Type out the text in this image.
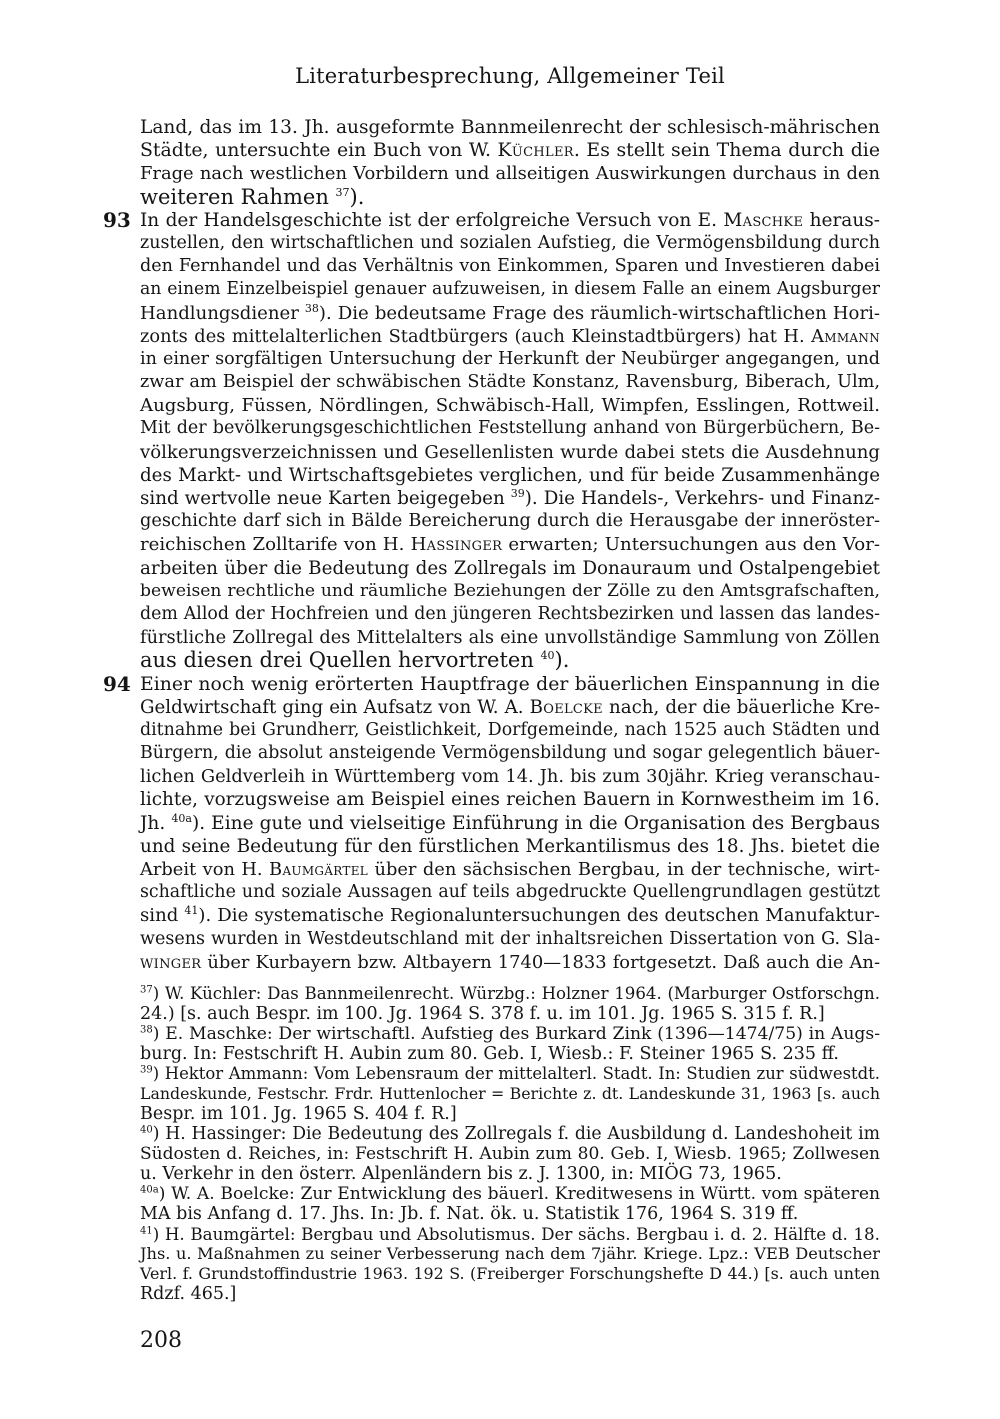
Literaturbesprechung, Allgemeiner Teil
Land, das im 13. Jh. ausgeformte Bannmeilenrecht der schlesisch-mährischen
Städte, untersuchte ein Buch von W. Küchler. Es stellt sein Thema durch die
Frage nach westlichen Vorbildern und allseitigen Auswirkungen durchaus in den
weiteren Rahmen $^{37}$).
93 In der Handelsgeschichte ist der erfolgreiche Versuch von E. Maschke heraus-
zustellen, den wirtschaftlichen und sozialen Aufstieg, die Vermögensbildung durch
den Fernhandel und das Verhältnis von Einkommen, Sparen und Investieren dabei
an einem Einzelbeispiel genauer aufzuweisen, in diesem Falle an einem Augsburger
Handlungsdiener $^{38}$). Die bedeutsame Frage des räumlich-wirtschaftlichen Hori-
zonts des mittelalterlichen Stadtbürgers (auch Kleinstadtbürgers) hat H. Ammann
in einer sorgfältigen Untersuchung der Herkunft der Neubürger angegangen, und
zwar am Beispiel der schwäbischen Städte Konstanz, Ravensburg, Biberach, Ulm,
Augsburg, Füssen, Nördlingen, Schwäbisch-Hall, Wimpfen, Esslingen, Rottweil.
Mit der bevölkerungsgeschichtlichen Feststellung anhand von Bürgerbüchern, Be-
völkerungsverzeichnissen und Gesellenlisten wurde dabei stets die Ausdehnung
des Markt- und Wirtschaftsgebietes verglichen, und für beide Zusammenhänge
sind wertvolle neue Karten beigegeben $^{39}$). Die Handels-, Verkehrs- und Finanz-
geschichte darf sich in Bälde Bereicherung durch die Herausgabe der inneröster-
reichischen Zolltarife von H. Hassinger erwarten; Untersuchungen aus den Vor-
arbeiten über die Bedeutung des Zollregals im Donauraum und Ostalpengebiet
beweisen rechtliche und räumliche Beziehungen der Zölle zu den Amtsgrafschaften,
dem Allod der Hochfreien und den jüngeren Rechtsbezirken und lassen das landes-
fürstliche Zollregal des Mittelalters als eine unvollständige Sammlung von Zöllen
aus diesen drei Quellen hervortreten $^{40}$).
94 Einer noch wenig erörterten Hauptfrage der bäuerlichen Einspannung in die
Geldwirtschaft ging ein Aufsatz von W. A. Boelcke nach, der die bäuerliche Kre-
ditnahme bei Grundherr, Geistlichkeit, Dorfgemeinde, nach 1525 auch Städten und
Bürgern, die absolut ansteigende Vermögensbildung und sogar gelegentlich bäuer-
lichen Geldverleih in Württemberg vom 14. Jh. bis zum 30jähr. Krieg veranschau-
lichte, vorzugsweise am Beispiel eines reichen Bauern in Kornwestheim im 16.
Jh. $^{40a}$). Eine gute und vielseitige Einführung in die Organisation des Bergbaus
und seine Bedeutung für den fürstlichen Merkantilismus des 18. Jhs. bietet die
Arbeit von H. Baumgärtel über den sächsischen Bergbau, in der technische, wirt-
schaftliche und soziale Aussagen auf teils abgedruckte Quellengrundlagen gestützt
sind $^{41}$). Die systematische Regionaluntersuchungen des deutschen Manufaktur-
wesens wurden in Westdeutschland mit der inhaltsreichen Dissertation von G. Sla-
winger über Kurbayern bzw. Altbayern 1740—1833 fortgesetzt. Daß auch die An-
$^{37}$) W. Küchler: Das Bannmeilenrecht. Würzbg.: Holzner 1964. (Marburger Ostforschgn.
24.) [s. auch Bespr. im 100. Jg. 1964 S. 378 f. u. im 101. Jg. 1965 S. 315 f. R.]
$^{38}$) E. Maschke: Der wirtschaftl. Aufstieg des Burkard Zink (1396—1474/75) in Augs-
burg. In: Festschrift H. Aubin zum 80. Geb. I, Wiesb.: F. Steiner 1965 S. 235 ff.
$^{39}$) Hektor Ammann: Vom Lebensraum der mittelalterl. Stadt. In: Studien zur südwestdt.
Landeskunde, Festschr. Frdr. Huttenlocher = Berichte z. dt. Landeskunde 31, 1963 [s. auch
Bespr. im 101. Jg. 1965 S. 404 f. R.]
$^{40}$) H. Hassinger: Die Bedeutung des Zollregals f. die Ausbildung d. Landeshoheit im
Südosten d. Reiches, in: Festschrift H. Aubin zum 80. Geb. I, Wiesb. 1965; Zollwesen
u. Verkehr in den österr. Alpenländern bis z. J. 1300, in: MIÖG 73, 1965.
$^{40a}$) W. A. Boelcke: Zur Entwicklung des bäuerl. Kreditwesens in Württ. vom späteren
MA bis Anfang d. 17. Jhs. In: Jb. f. Nat. ök. u. Statistik 176, 1964 S. 319 ff.
$^{41}$) H. Baumgärtel: Bergbau und Absolutismus. Der sächs. Bergbau i. d. 2. Hälfte d. 18.
Jhs. u. Maßnahmen zu seiner Verbesserung nach dem 7jähr. Kriege. Lpz.: VEB Deutscher
Verl. f. Grundstoffindustrie 1963. 192 S. (Freiberger Forschungshefte D 44.) [s. auch unten
Rdzf. 465.]
208
